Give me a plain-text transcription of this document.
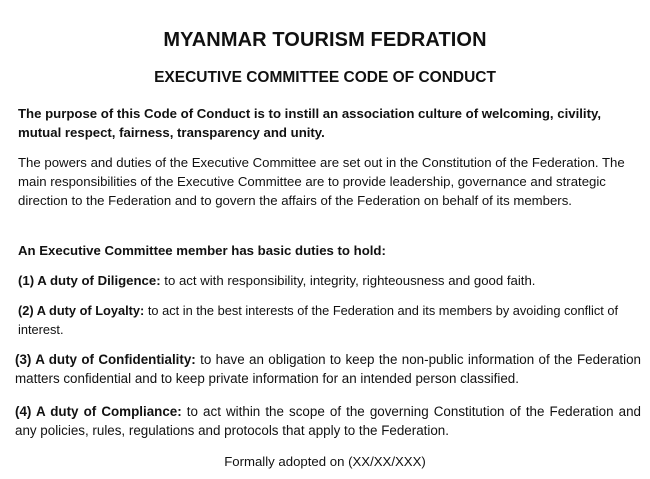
MYANMAR TOURISM FEDRATION
EXECUTIVE COMMITTEE CODE OF CONDUCT
The purpose of this Code of Conduct is to instill an association culture of welcoming, civility, mutual respect, fairness, transparency and unity.
The powers and duties of the Executive Committee are set out in the Constitution of the Federation. The main responsibilities of the Executive Committee are to provide leadership, governance and strategic direction to the Federation and to govern the affairs of the Federation on behalf of its members.
An Executive Committee member has basic duties to hold:
(1) A duty of Diligence: to act with responsibility, integrity, righteousness and good faith.
(2) A duty of Loyalty: to act in the best interests of the Federation and its members by avoiding conflict of interest.
(3) A duty of Confidentiality: to have an obligation to keep the non-public information of the Federation matters confidential and to keep private information for an intended person classified.
(4) A duty of Compliance: to act within the scope of the governing Constitution of the Federation and any policies, rules, regulations and protocols that apply to the Federation.
Formally adopted on (XX/XX/XXX)
